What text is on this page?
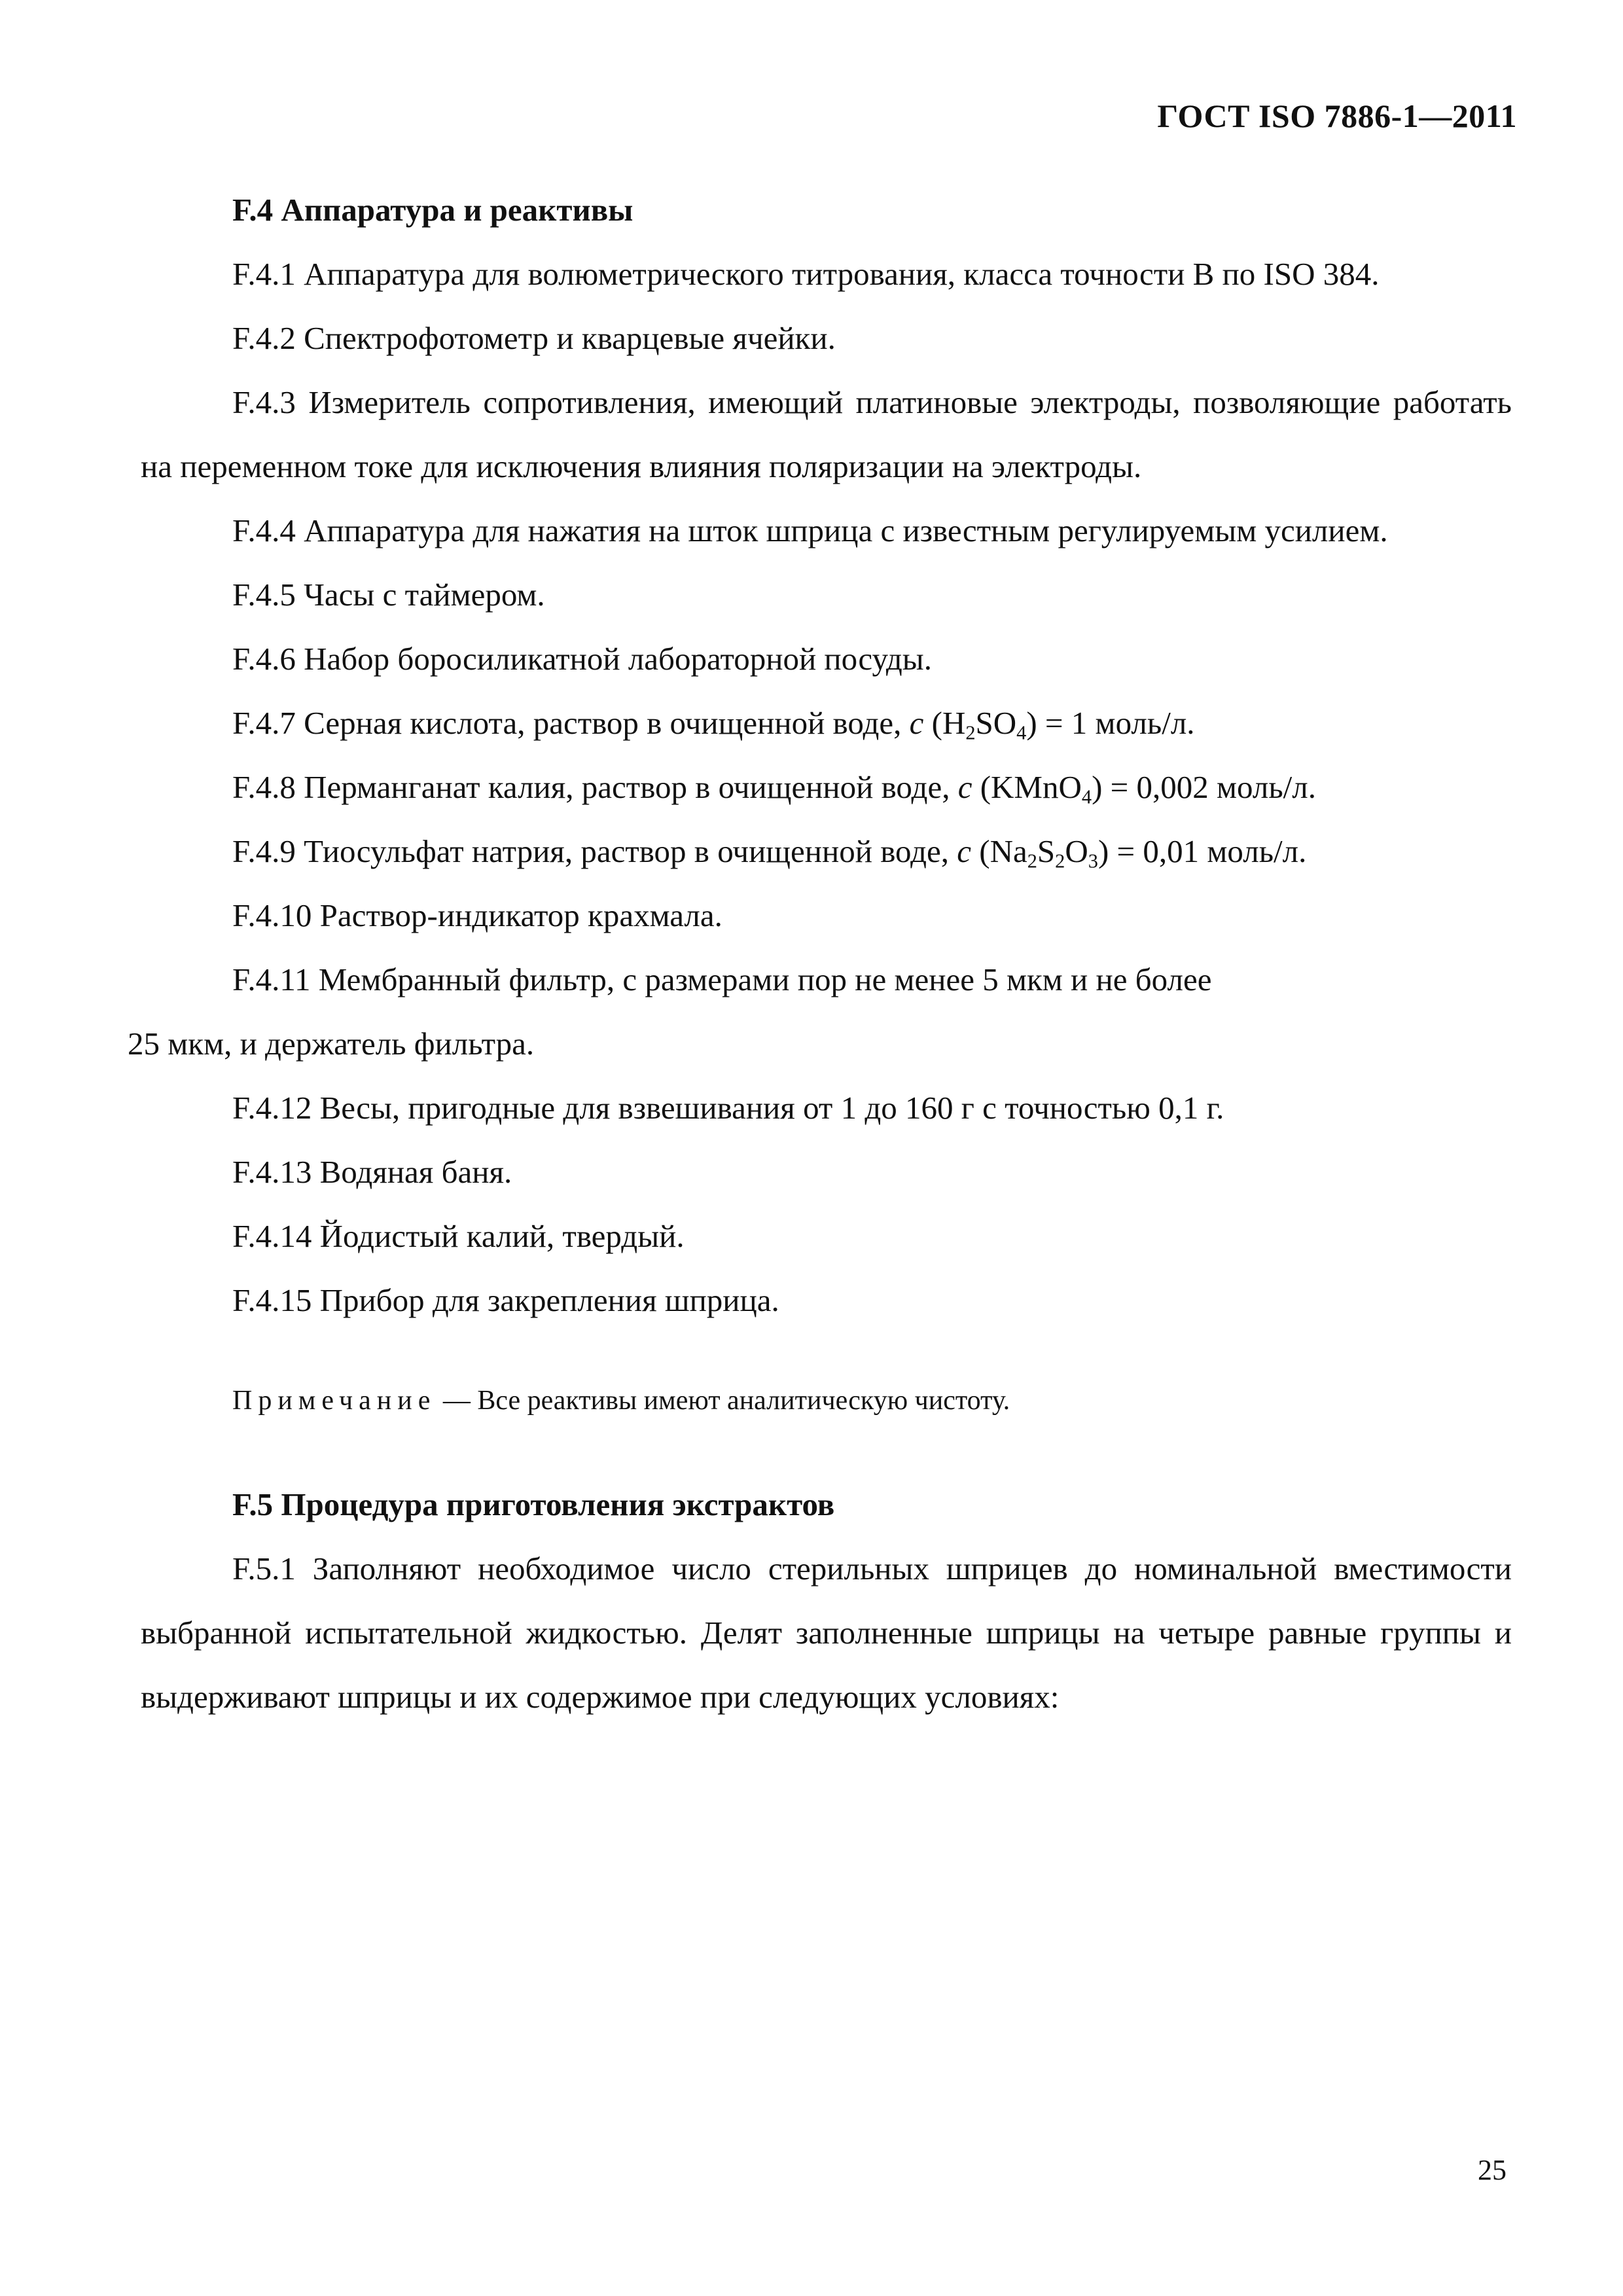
ГОСТ ISO 7886-1—2011

F.4 Аппаратура и реактивы

F.4.1 Аппаратура для волюметрического титрования, класса точности В по ISO 384.

F.4.2 Спектрофотометр и кварцевые ячейки.

F.4.3 Измеритель сопротивления, имеющий платиновые электроды, позволяющие работать на переменном токе для исключения влияния поляризации на электроды.

F.4.4 Аппаратура для нажатия на шток шприца с известным регулируемым усилием.

F.4.5 Часы с таймером.

F.4.6 Набор боросиликатной лабораторной посуды.

F.4.7 Серная кислота, раствор в очищенной воде, с $(H_2SO_4) = 1$ моль/л.

F.4.8 Перманганат калия, раствор в очищенной воде, с (KMnO$_4$) = 0,002 моль/л.

F.4.9 Тиосульфат натрия, раствор в очищенной воде, с $(Na_2S_2O_3) = 0,01$ моль/л.

F.4.10 Раствор-индикатор крахмала.

F.4.11 Мембранный фильтр, с размерами пор не менее 5 мкм и не более
25 мкм, и держатель фильтра.

F.4.12 Весы, пригодные для взвешивания от 1 до 160 г с точностью 0,1 г.

F.4.13 Водяная баня.

F.4.14 Йодистый калий, твердый.

F.4.15 Прибор для закрепления шприца.

Примечание — Все реактивы имеют аналитическую чистоту.

F.5 Процедура приготовления экстрактов

F.5.1 Заполняют необходимое число стерильных шприцев до номинальной вместимости выбранной испытательной жидкостью. Делят заполненные шприцы на четыре равные группы и выдерживают шприцы и их содержимое при следующих условиях:

25
